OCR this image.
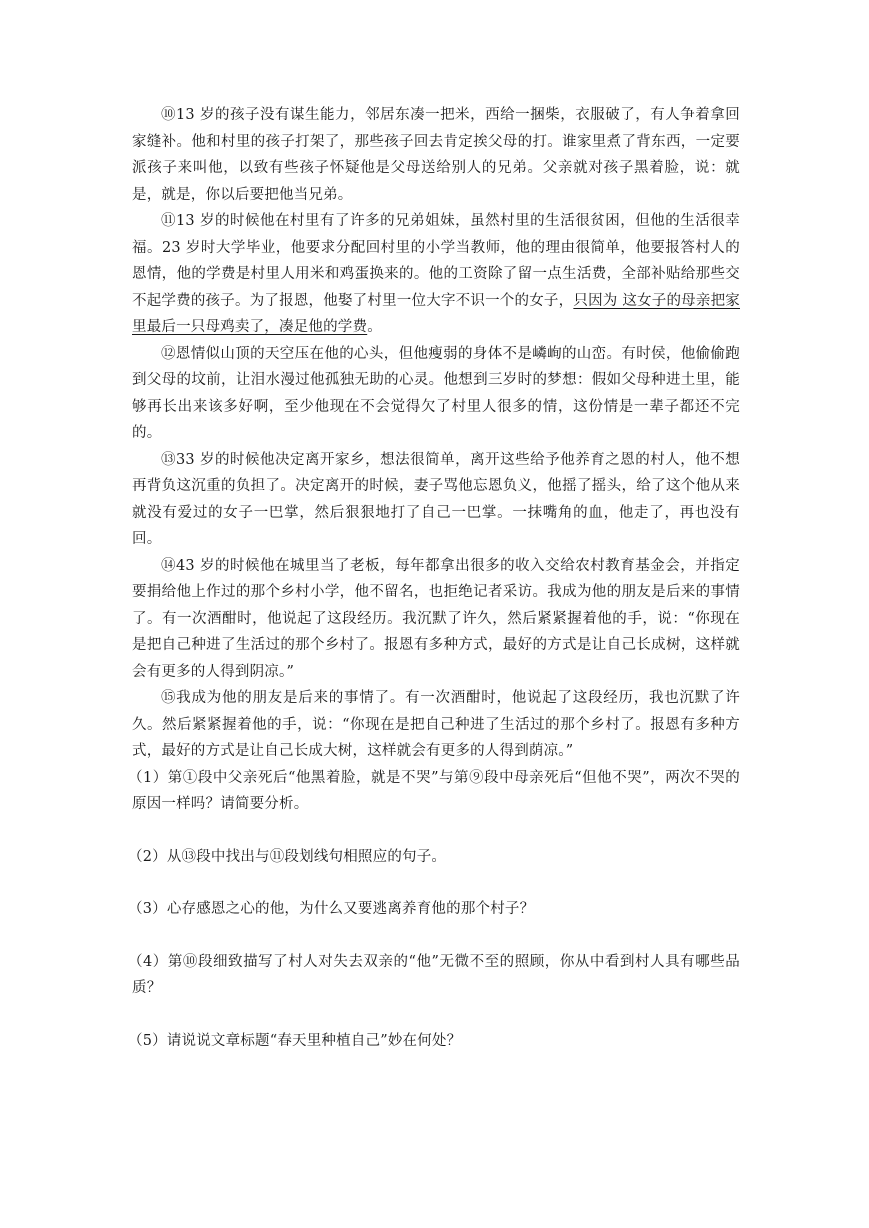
⑩13 岁的孩子没有谋生能力，邻居东凑一把米，西给一捆柴，衣服破了，有人争着拿回家缝补。他和村里的孩子打架了，那些孩子回去肯定挨父母的打。谁家里煮了背东西，一定要派孩子来叫他，以致有些孩子怀疑他是父母送给别人的兄弟。父亲就对孩子黑着脸，说：就是，就是，你以后要把他当兄弟。

⑪13 岁的时候他在村里有了许多的兄弟姐妹，虽然村里的生活很贫困，但他的生活很幸福。23 岁时大学毕业，他要求分配回村里的小学当教师，他的理由很简单，他要报答村人的恩情，他的学费是村里人用米和鸡蛋换来的。他的工资除了留一点生活费，全部补贴给那些交不起学费的孩子。为了报恩，他娶了村里一位大字不识一个的女子，只因为 这女子的母亲把家里最后一只母鸡卖了，凑足他的学费。

⑫恩情似山顶的天空压在他的心头，但他瘦弱的身体不是嶙峋的山峦。有时侯，他偷偷跑到父母的坟前，让泪水漫过他孤独无助的心灵。他想到三岁时的梦想：假如父母种进土里，能够再长出来该多好啊，至少他现在不会觉得欠了村里人很多的情，这份情是一辈子都还不完的。

⑬33 岁的时候他决定离开家乡，想法很简单，离开这些给予他养育之恩的村人，他不想再背负这沉重的负担了。决定离开的时候，妻子骂他忘恩负义，他摇了摇头，给了这个他从来就没有爱过的女子一巴掌，然后狠狠地打了自己一巴掌。一抹嘴角的血，他走了，再也没有回。

⑭43 岁的时候他在城里当了老板，每年都拿出很多的收入交给农村教育基金会，并指定要捐给他上作过的那个乡村小学，他不留名，也拒绝记者采访。我成为他的朋友是后来的事情了。有一次酒酣时，他说起了这段经历。我沉默了许久，然后紧紧握着他的手，说：“你现在是把自己种进了生活过的那个乡村了。报恩有多种方式，最好的方式是让自己长成树，这样就会有更多的人得到阴凉。”

⑮我成为他的朋友是后来的事情了。有一次酒酣时，他说起了这段经历，我也沉默了许久。然后紧紧握着他的手，说：“你现在是把自己种进了生活过的那个乡村了。报恩有多种方式，最好的方式是让自己长成大树，这样就会有更多的人得到荫凉。”

（1）第①段中父亲死后“他黑着脸，就是不哭”与第⑨段中母亲死后“但他不哭”，两次不哭的原因一样吗？请简要分析。

（2）从⑬段中找出与⑪段划线句相照应的句子。

（3）心存感恩之心的他，为什么又要逃离养育他的那个村子？

（4）第⑩段细致描写了村人对失去双亲的“他”无微不至的照顾，你从中看到村人具有哪些品质？

（5）请说说文章标题“春天里种植自己”妙在何处？
